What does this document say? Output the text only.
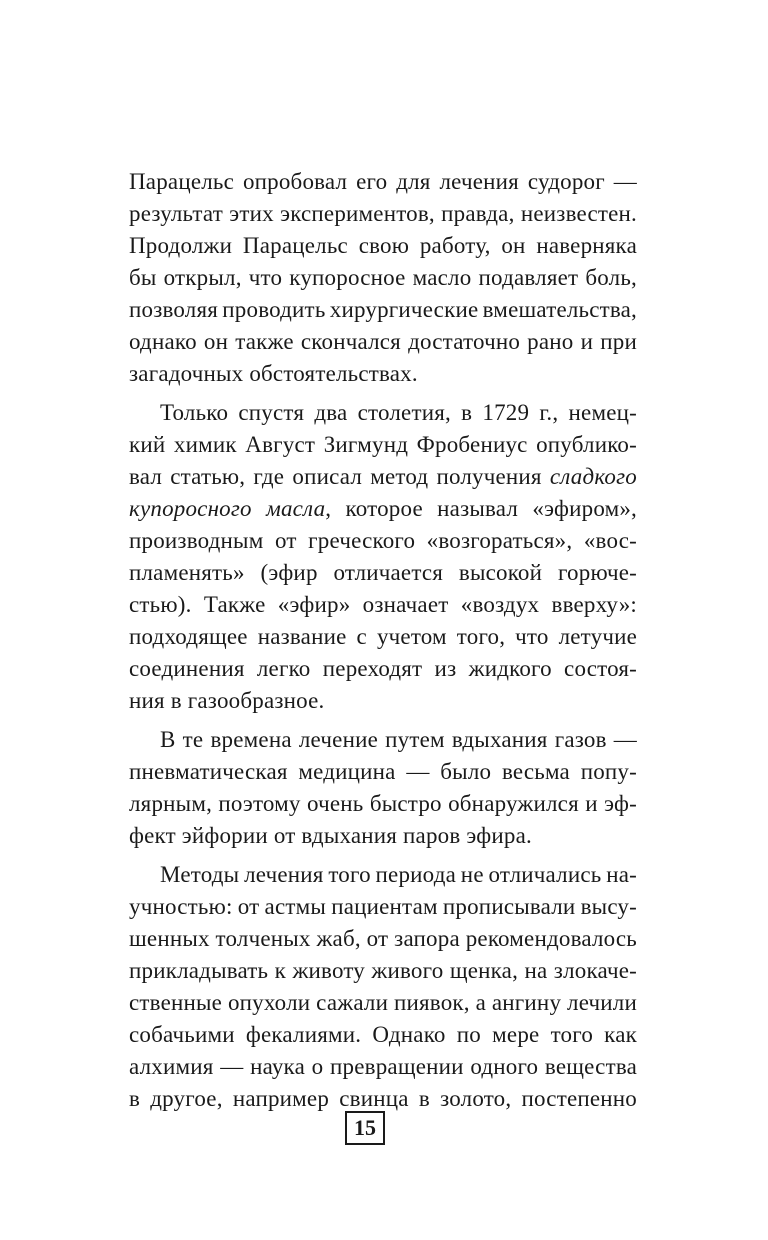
Парацельс опробовал его для лечения судорог —
результат этих экспериментов, правда, неизвестен.
Продолжи Парацельс свою работу, он наверняка
бы открыл, что купоросное масло подавляет боль,
позволяя проводить хирургические вмешательства,
однако он также скончался достаточно рано и при
загадочных обстоятельствах.
Только спустя два столетия, в 1729 г., немец-
кий химик Август Зигмунд Фробениус опублико-
вал статью, где описал метод получения сладкого
купоросного масла, которое называл «эфиром»,
производным от греческого «возгораться», «вос-
пламенять» (эфир отличается высокой горюче-
стью). Также «эфир» означает «воздух вверху»:
подходящее название с учетом того, что летучие
соединения легко переходят из жидкого состоя-
ния в газообразное.
В те времена лечение путем вдыхания газов —
пневматическая медицина — было весьма попу-
лярным, поэтому очень быстро обнаружился и эф-
фект эйфории от вдыхания паров эфира.
Методы лечения того периода не отличались на-
учностью: от астмы пациентам прописывали высу-
шенных толченых жаб, от запора рекомендовалось
прикладывать к животу живого щенка, на злокаче-
ственные опухоли сажали пиявок, а ангину лечили
собачьими фекалиями. Однако по мере того как
алхимия — наука о превращении одного вещества
в другое, например свинца в золото, постепенно
15
